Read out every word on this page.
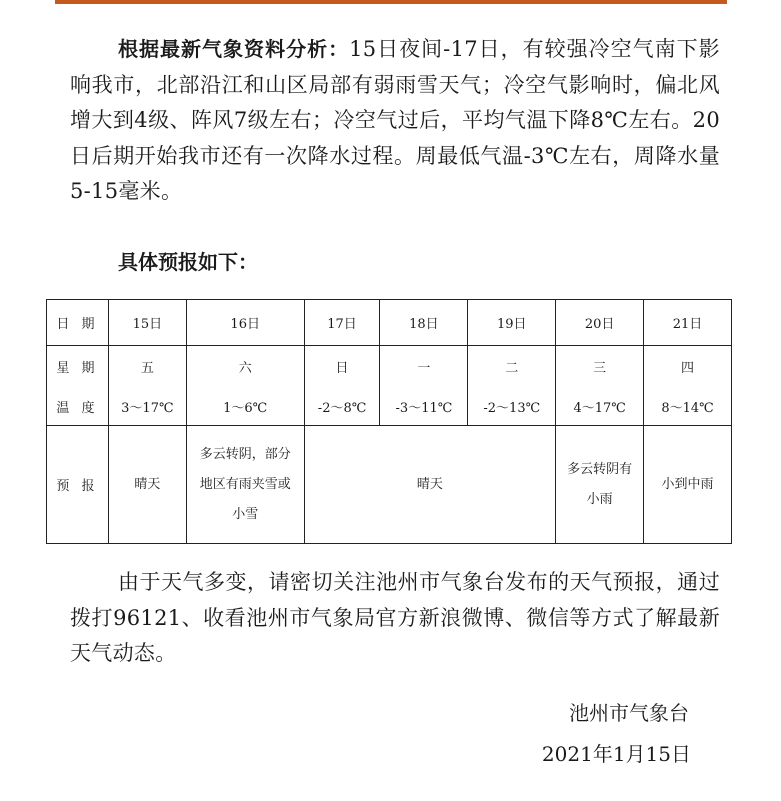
根据最新气象资料分析：15日夜间-17日，有较强冷空气南下影响我市，北部沿江和山区局部有弱雨雪天气；冷空气影响时，偏北风增大到4级、阵风7级左右；冷空气过后，平均气温下降8℃左右。20日后期开始我市还有一次降水过程。周最低气温-3℃左右，周降水量5-15毫米。
具体预报如下：
日 期	15日	16日	17日	18日	19日	20日	21日
星 期	五	六	日	一	二	三	四
温 度	3～17℃	1～6℃	-2～8℃	-3～11℃	-2～13℃	4～17℃	8～14℃
预 报	晴天	多云转阴，部分地区有雨夹雪或小雪	晴天			多云转阴有小雨	小到中雨
由于天气多变，请密切关注池州市气象台发布的天气预报，通过拨打96121、收看池州市气象局官方新浪微博、微信等方式了解最新天气动态。
池州市气象台
2021年1月15日
